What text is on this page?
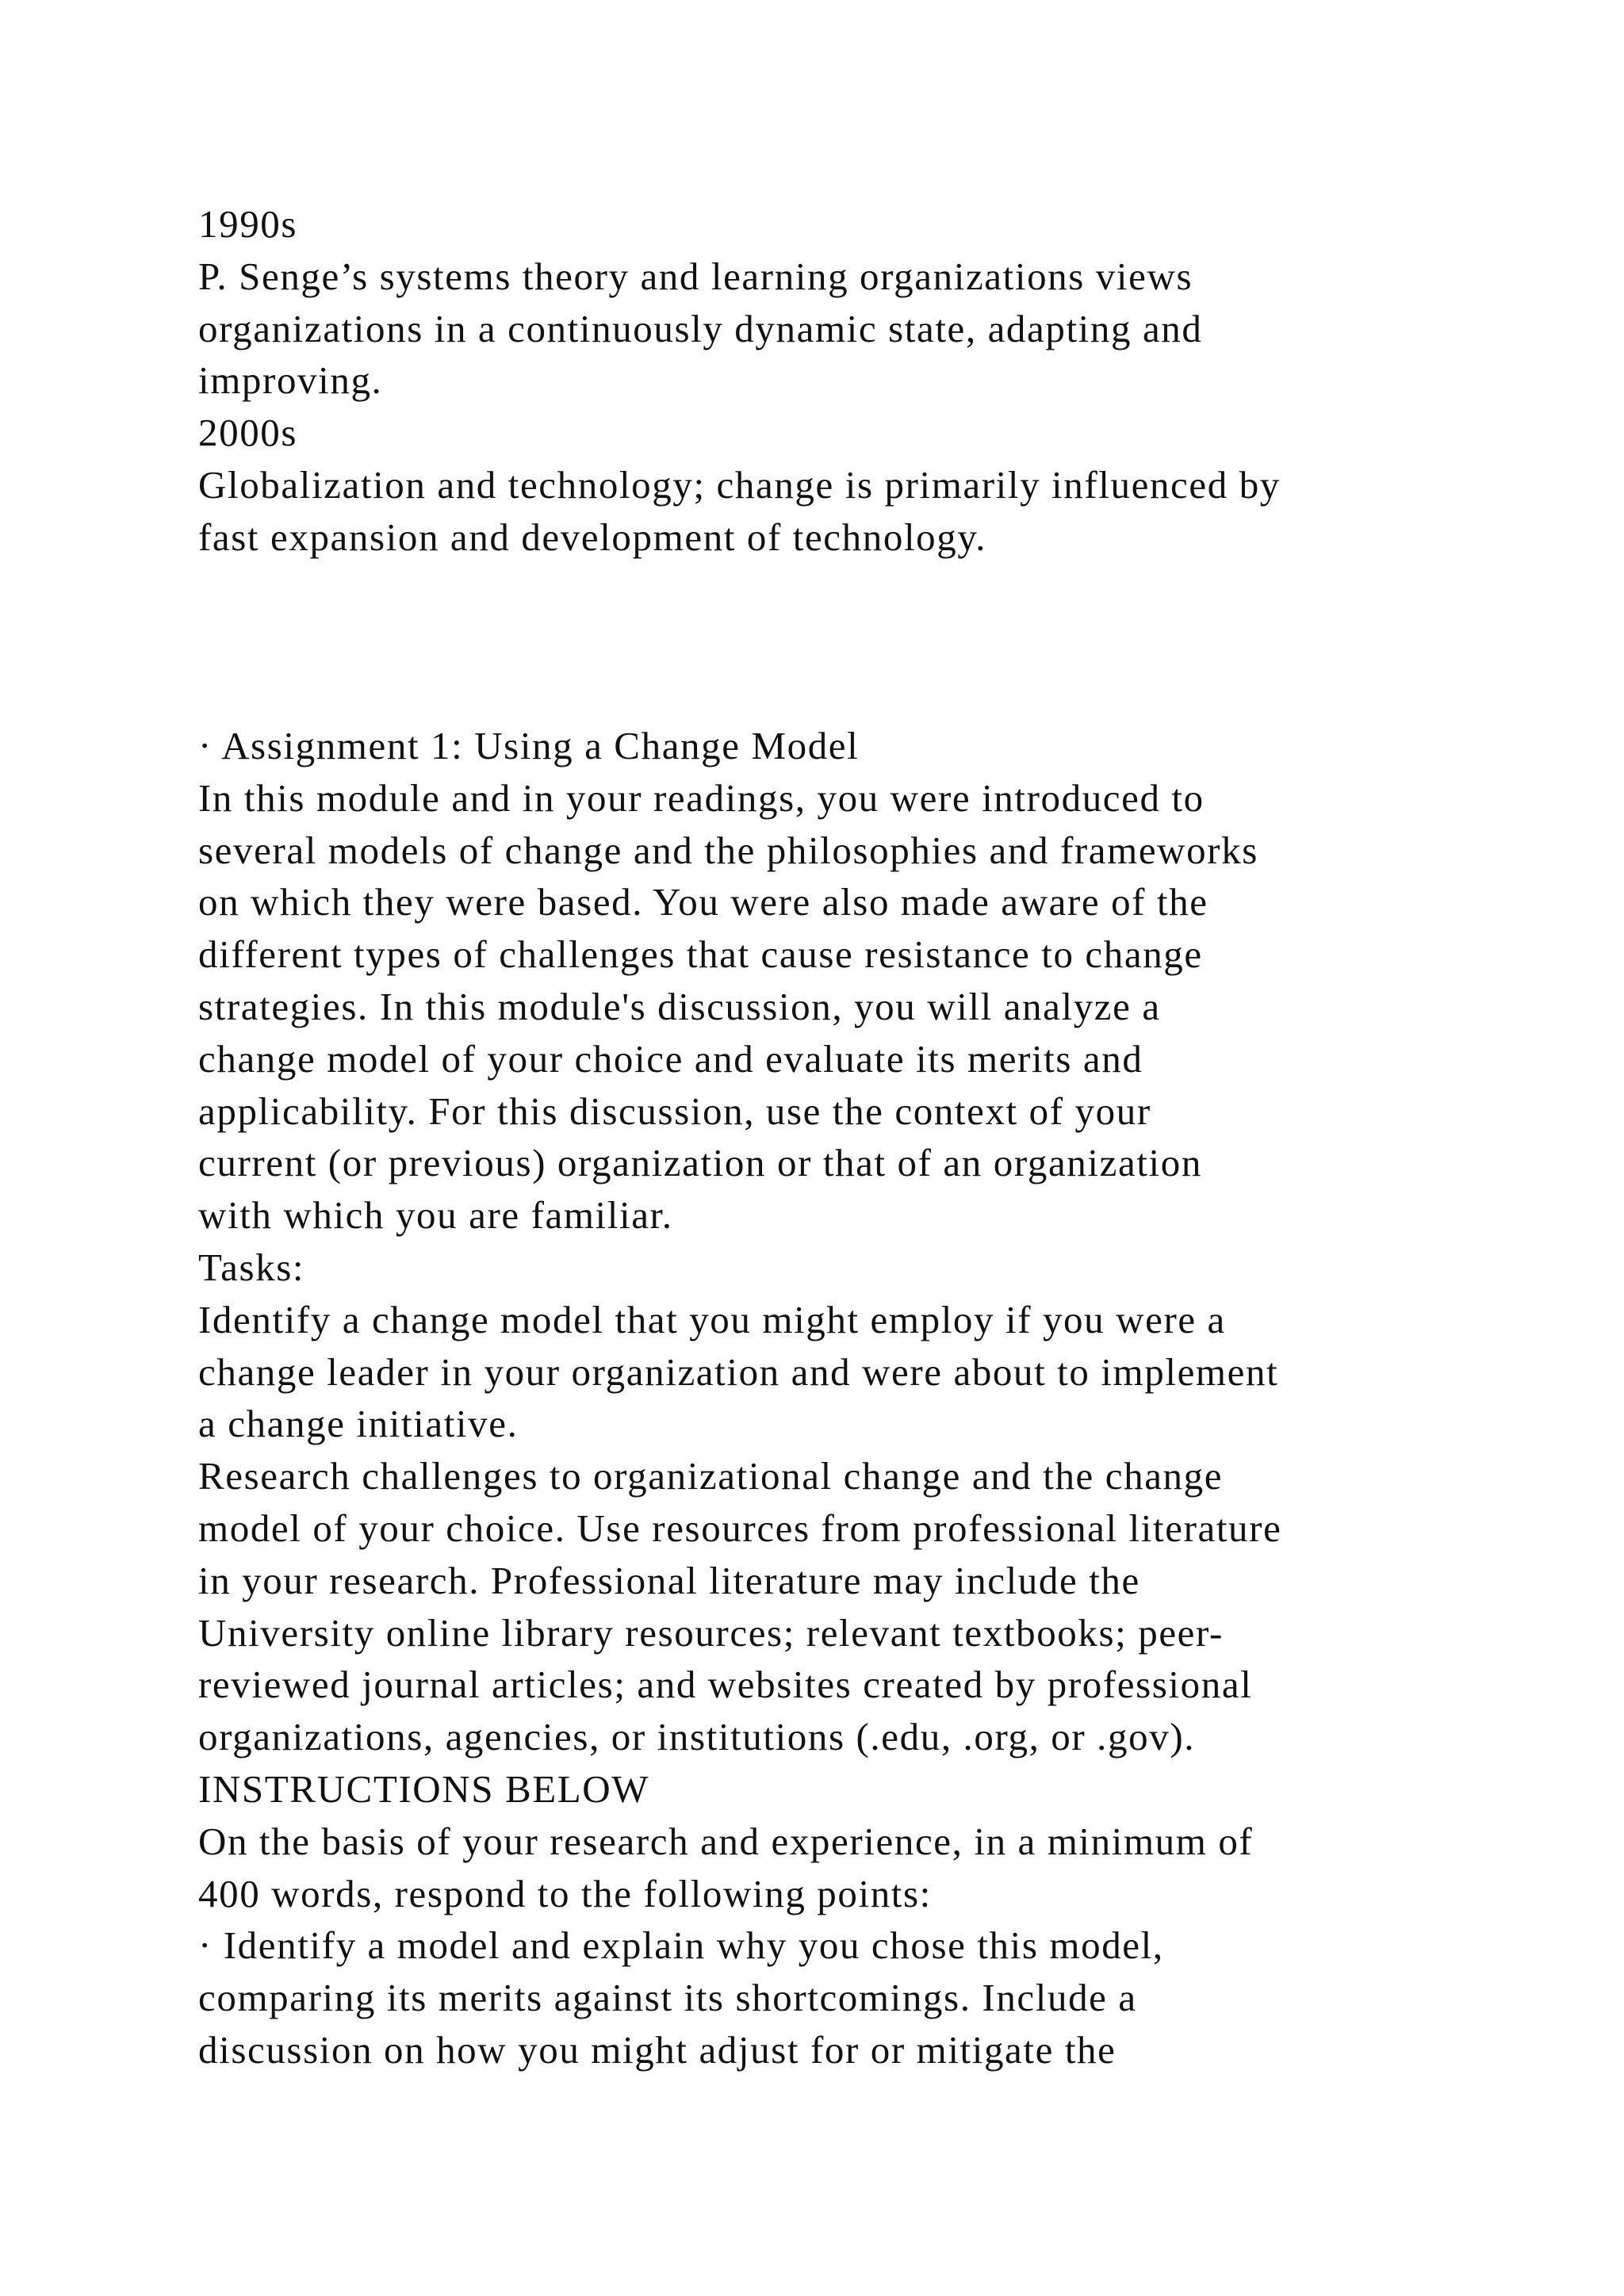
1990s
P. Senge’s systems theory and learning organizations views
organizations in a continuously dynamic state, adapting and
improving.
2000s
Globalization and technology; change is primarily influenced by
fast expansion and development of technology.
· Assignment 1: Using a Change Model
In this module and in your readings, you were introduced to
several models of change and the philosophies and frameworks
on which they were based. You were also made aware of the
different types of challenges that cause resistance to change
strategies. In this module's discussion, you will analyze a
change model of your choice and evaluate its merits and
applicability. For this discussion, use the context of your
current (or previous) organization or that of an organization
with which you are familiar.
Tasks:
Identify a change model that you might employ if you were a
change leader in your organization and were about to implement
a change initiative.
Research challenges to organizational change and the change
model of your choice. Use resources from professional literature
in your research. Professional literature may include the
University online library resources; relevant textbooks; peer-
reviewed journal articles; and websites created by professional
organizations, agencies, or institutions (.edu, .org, or .gov).
INSTRUCTIONS BELOW
On the basis of your research and experience, in a minimum of
400 words, respond to the following points:
· Identify a model and explain why you chose this model,
comparing its merits against its shortcomings. Include a
discussion on how you might adjust for or mitigate the
